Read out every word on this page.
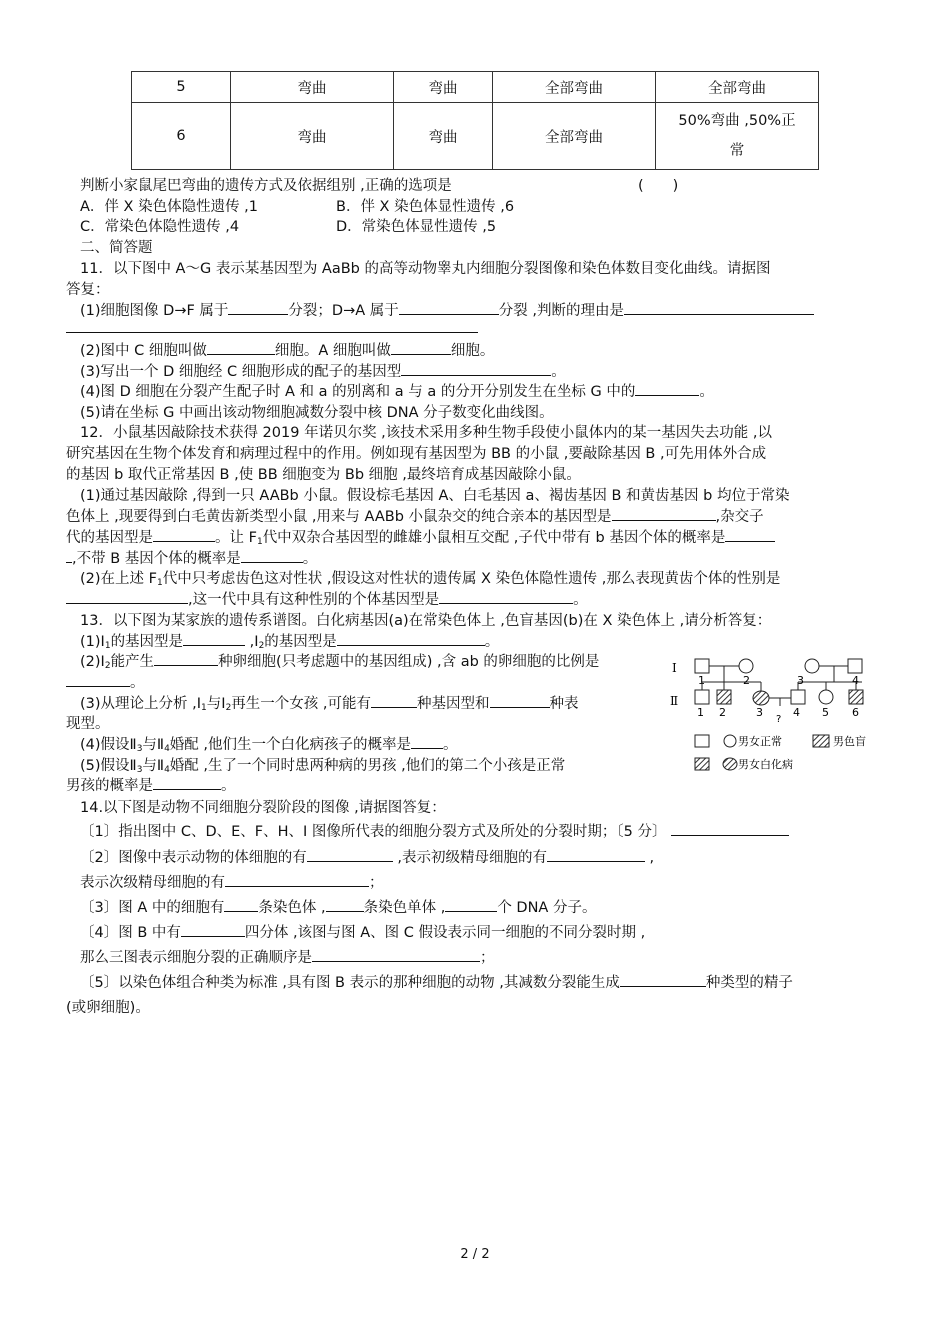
5	弯曲	弯曲	全部弯曲	全部弯曲
6	弯曲	弯曲	全部弯曲	50%弯曲 ,50%正
常
判断小家鼠尾巴弯曲的遗传方式及依据组别 ,正确的选项是	(　　)
A．伴 X 染色体隐性遗传 ,1	B．伴 X 染色体显性遗传 ,6
C．常染色体隐性遗传 ,4	D．常染色体显性遗传 ,5
二、简答题
11．以下图中 A～G 表示某基因型为 AaBb 的高等动物睾丸内细胞分裂图像和染色体数目变化曲线。请据图
答复：
(1)细胞图像 D→F 属于	分裂；D→A 属于	分裂 ,判断的理由是
(2)图中 C 细胞叫做	细胞。A 细胞叫做	细胞。
(3)写出一个 D 细胞经 C 细胞形成的配子的基因型	。
(4)图 D 细胞在分裂产生配子时 A 和 a 的别离和 a 与 a 的分开分别发生在坐标 G 中的	。
(5)请在坐标 G 中画出该动物细胞减数分裂中核 DNA 分子数变化曲线图。
12．小鼠基因敲除技术获得 2019 年诺贝尔奖 ,该技术采用多种生物手段使小鼠体内的某一基因失去功能 ,以
研究基因在生物个体发育和病理过程中的作用。例如现有基因型为 BB 的小鼠 ,要敲除基因 B ,可先用体外合成
的基因 b 取代正常基因 B ,使 BB 细胞变为 Bb 细胞 ,最终培育成基因敲除小鼠。
(1)通过基因敲除 ,得到一只 AABb 小鼠。假设棕毛基因 A、白毛基因 a、褐齿基因 B 和黄齿基因 b 均位于常染
色体上 ,现要得到白毛黄齿新类型小鼠 ,用来与 AABb 小鼠杂交的纯合亲本的基因型是	,杂交子
代的基因型是	。让 $F_1$代中双杂合基因型的雌雄小鼠相互交配 ,子代中带有 b 基因个体的概率是
,不带 B 基因个体的概率是	。
(2)在上述 $F_1$代中只考虑齿色这对性状 ,假设这对性状的遗传属 X 染色体隐性遗传 ,那么表现黄齿个体的性别是
,这一代中具有这种性别的个体基因型是	。
13．以下图为某家族的遗传系谱图。白化病基因(a)在常染色体上 ,色盲基因(b)在 X 染色体上 ,请分析答复：
$(1)I_1$的基因型是	$,I_2$的基因型是	。
$(2)I_2$能产生	种卵细胞(只考虑题中的基因组成) ,含 ab 的卵细胞的比例是
。
(3)从理论上分析 $,I_1$与$Ⅰ_2$再生一个女孩 ,可能有	种基因型和	种表
现型。
(4)假设$Ⅱ_3$与$Ⅱ_4$婚配 ,他们生一个白化病孩子的概率是 。
(5)假设$Ⅱ_3$与$Ⅱ_4$婚配 ,生了一个同时患两种病的男孩 ,他们的第二个小孩是正常
男孩的概率是	。
I
Ⅱ
1	2	3	4
1 2	3
?
4 5 6
男女正常	男色盲
男女白化病
14.以下图是动物不同细胞分裂阶段的图像 ,请据图答复：
〔1〕指出图中 C、D、E、F、H、I 图像所代表的细胞分裂方式及所处的分裂时期；〔5 分〕
〔2〕图像中表示动物的体细胞的有	,表示初级精母细胞的有	,
表示次级精母细胞的有	；
〔3〕图 A 中的细胞有 条染色体 ,	条染色单体 ,	个 DNA 分子。
〔4〕图 B 中有	四分体 ,该图与图 A、图 C 假设表示同一细胞的不同分裂时期 ,
那么三图表示细胞分裂的正确顺序是	；
〔5〕以染色体组合种类为标准 ,具有图 B 表示的那种细胞的动物 ,其减数分裂能生成	种类型的精子
(或卵细胞)。
2 / 2
